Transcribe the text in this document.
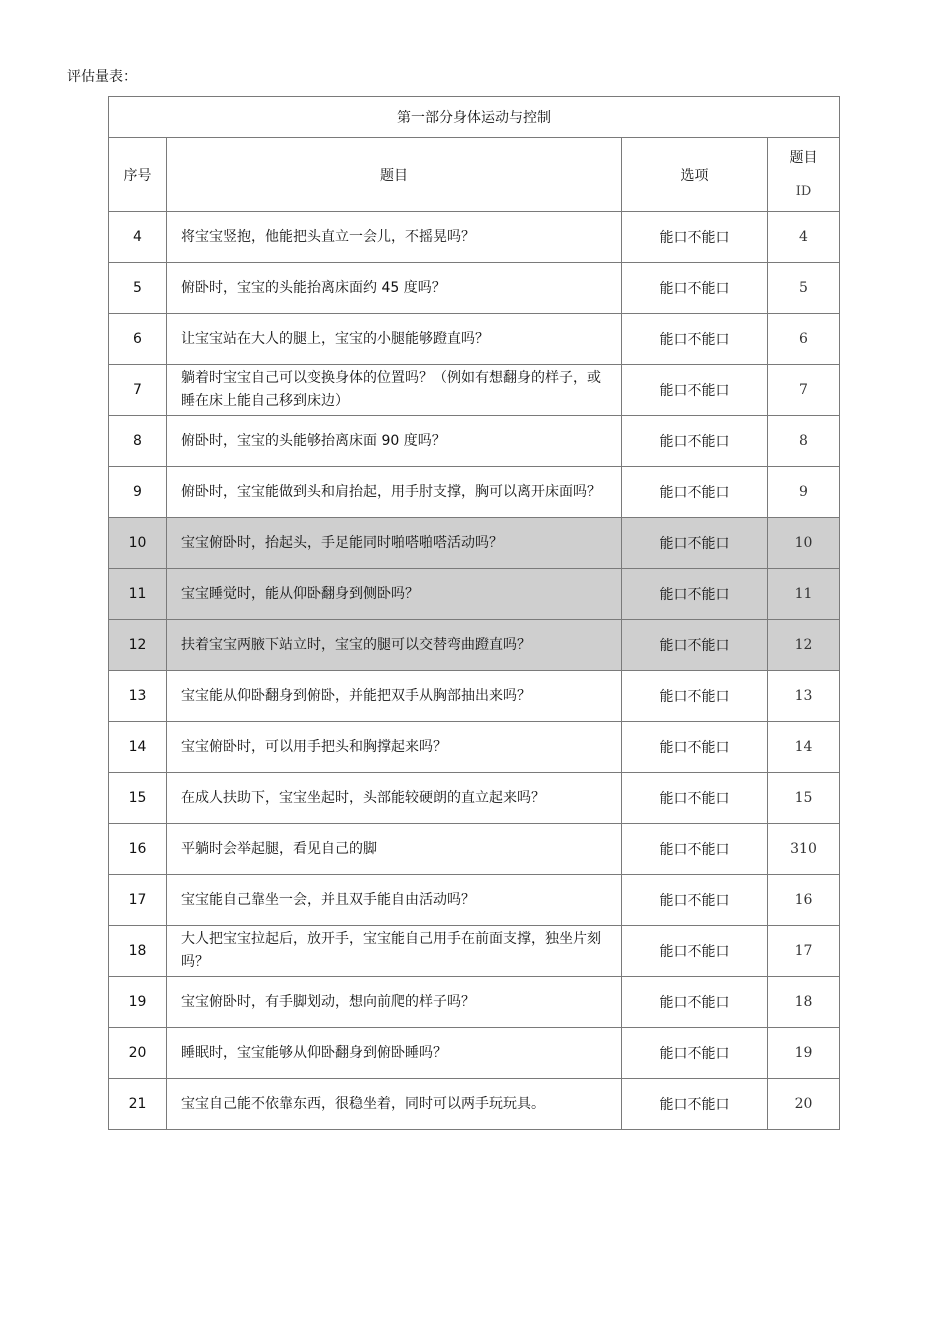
评估量表：
第一部分身体运动与控制			
序号	题目	选项	题目
ID

4	将宝宝竖抱，他能把头直立一会儿，不摇晃吗？	能口不能口	4
5	俯卧时，宝宝的头能抬离床面约 45 度吗？	能口不能口	5
6	让宝宝站在大人的腿上，宝宝的小腿能够蹬直吗？	能口不能口	6
7	躺着时宝宝自己可以变换身体的位置吗？（例如有想翻身的样子，或睡在床上能自己移到床边）	能口不能口	7
8	俯卧时，宝宝的头能够抬离床面 90 度吗？	能口不能口	8
9	俯卧时，宝宝能做到头和肩抬起，用手肘支撑，胸可以离开床面吗？	能口不能口	9
10	宝宝俯卧时，抬起头，手足能同时啪嗒啪嗒活动吗？	能口不能口	10
11	宝宝睡觉时，能从仰卧翻身到侧卧吗？	能口不能口	11
12	扶着宝宝两腋下站立时，宝宝的腿可以交替弯曲蹬直吗？	能口不能口	12
13	宝宝能从仰卧翻身到俯卧，并能把双手从胸部抽出来吗？	能口不能口	13
14	宝宝俯卧时，可以用手把头和胸撑起来吗？	能口不能口	14
15	在成人扶助下，宝宝坐起时，头部能较硬朗的直立起来吗？	能口不能口	15
16	平躺时会举起腿，看见自己的脚	能口不能口	310
17	宝宝能自己靠坐一会，并且双手能自由活动吗？	能口不能口	16
18	大人把宝宝拉起后，放开手，宝宝能自己用手在前面支撑，独坐片刻吗？	能口不能口	17
19	宝宝俯卧时，有手脚划动，想向前爬的样子吗？	能口不能口	18
20	睡眠时，宝宝能够从仰卧翻身到俯卧睡吗？	能口不能口	19
21	宝宝自己能不依靠东西，很稳坐着，同时可以两手玩玩具。	能口不能口	20
